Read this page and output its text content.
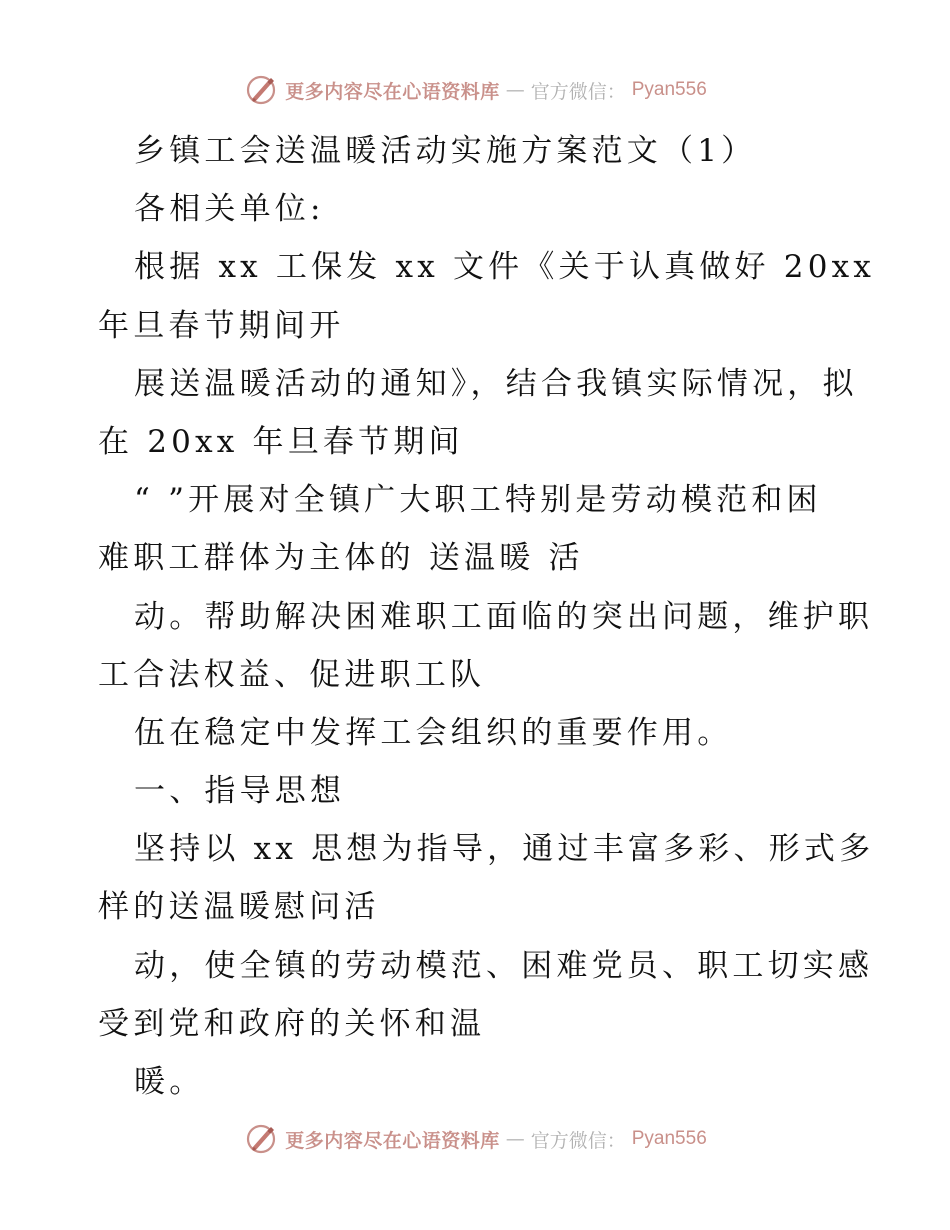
更多内容尽在心语资料库 — 官方微信： Pyan556
乡镇工会送温暖活动实施方案范文（1）
各相关单位:
根据 xx 工保发 xx 文件《关于认真做好 20xx
年旦春节期间开
展送温暖活动的通知》，结合我镇实际情况，拟
在 20xx 年旦春节期间
“ ”开展对全镇广大职工特别是劳动模范和困
难职工群体为主体的 送温暖 活
动。帮助解决困难职工面临的突出问题，维护职
工合法权益、促进职工队
伍在稳定中发挥工会组织的重要作用。
一、指导思想
坚持以 xx 思想为指导，通过丰富多彩、形式多
样的送温暖慰问活
动，使全镇的劳动模范、困难党员、职工切实感
受到党和政府的关怀和温
暖。
更多内容尽在心语资料库 — 官方微信： Pyan556
